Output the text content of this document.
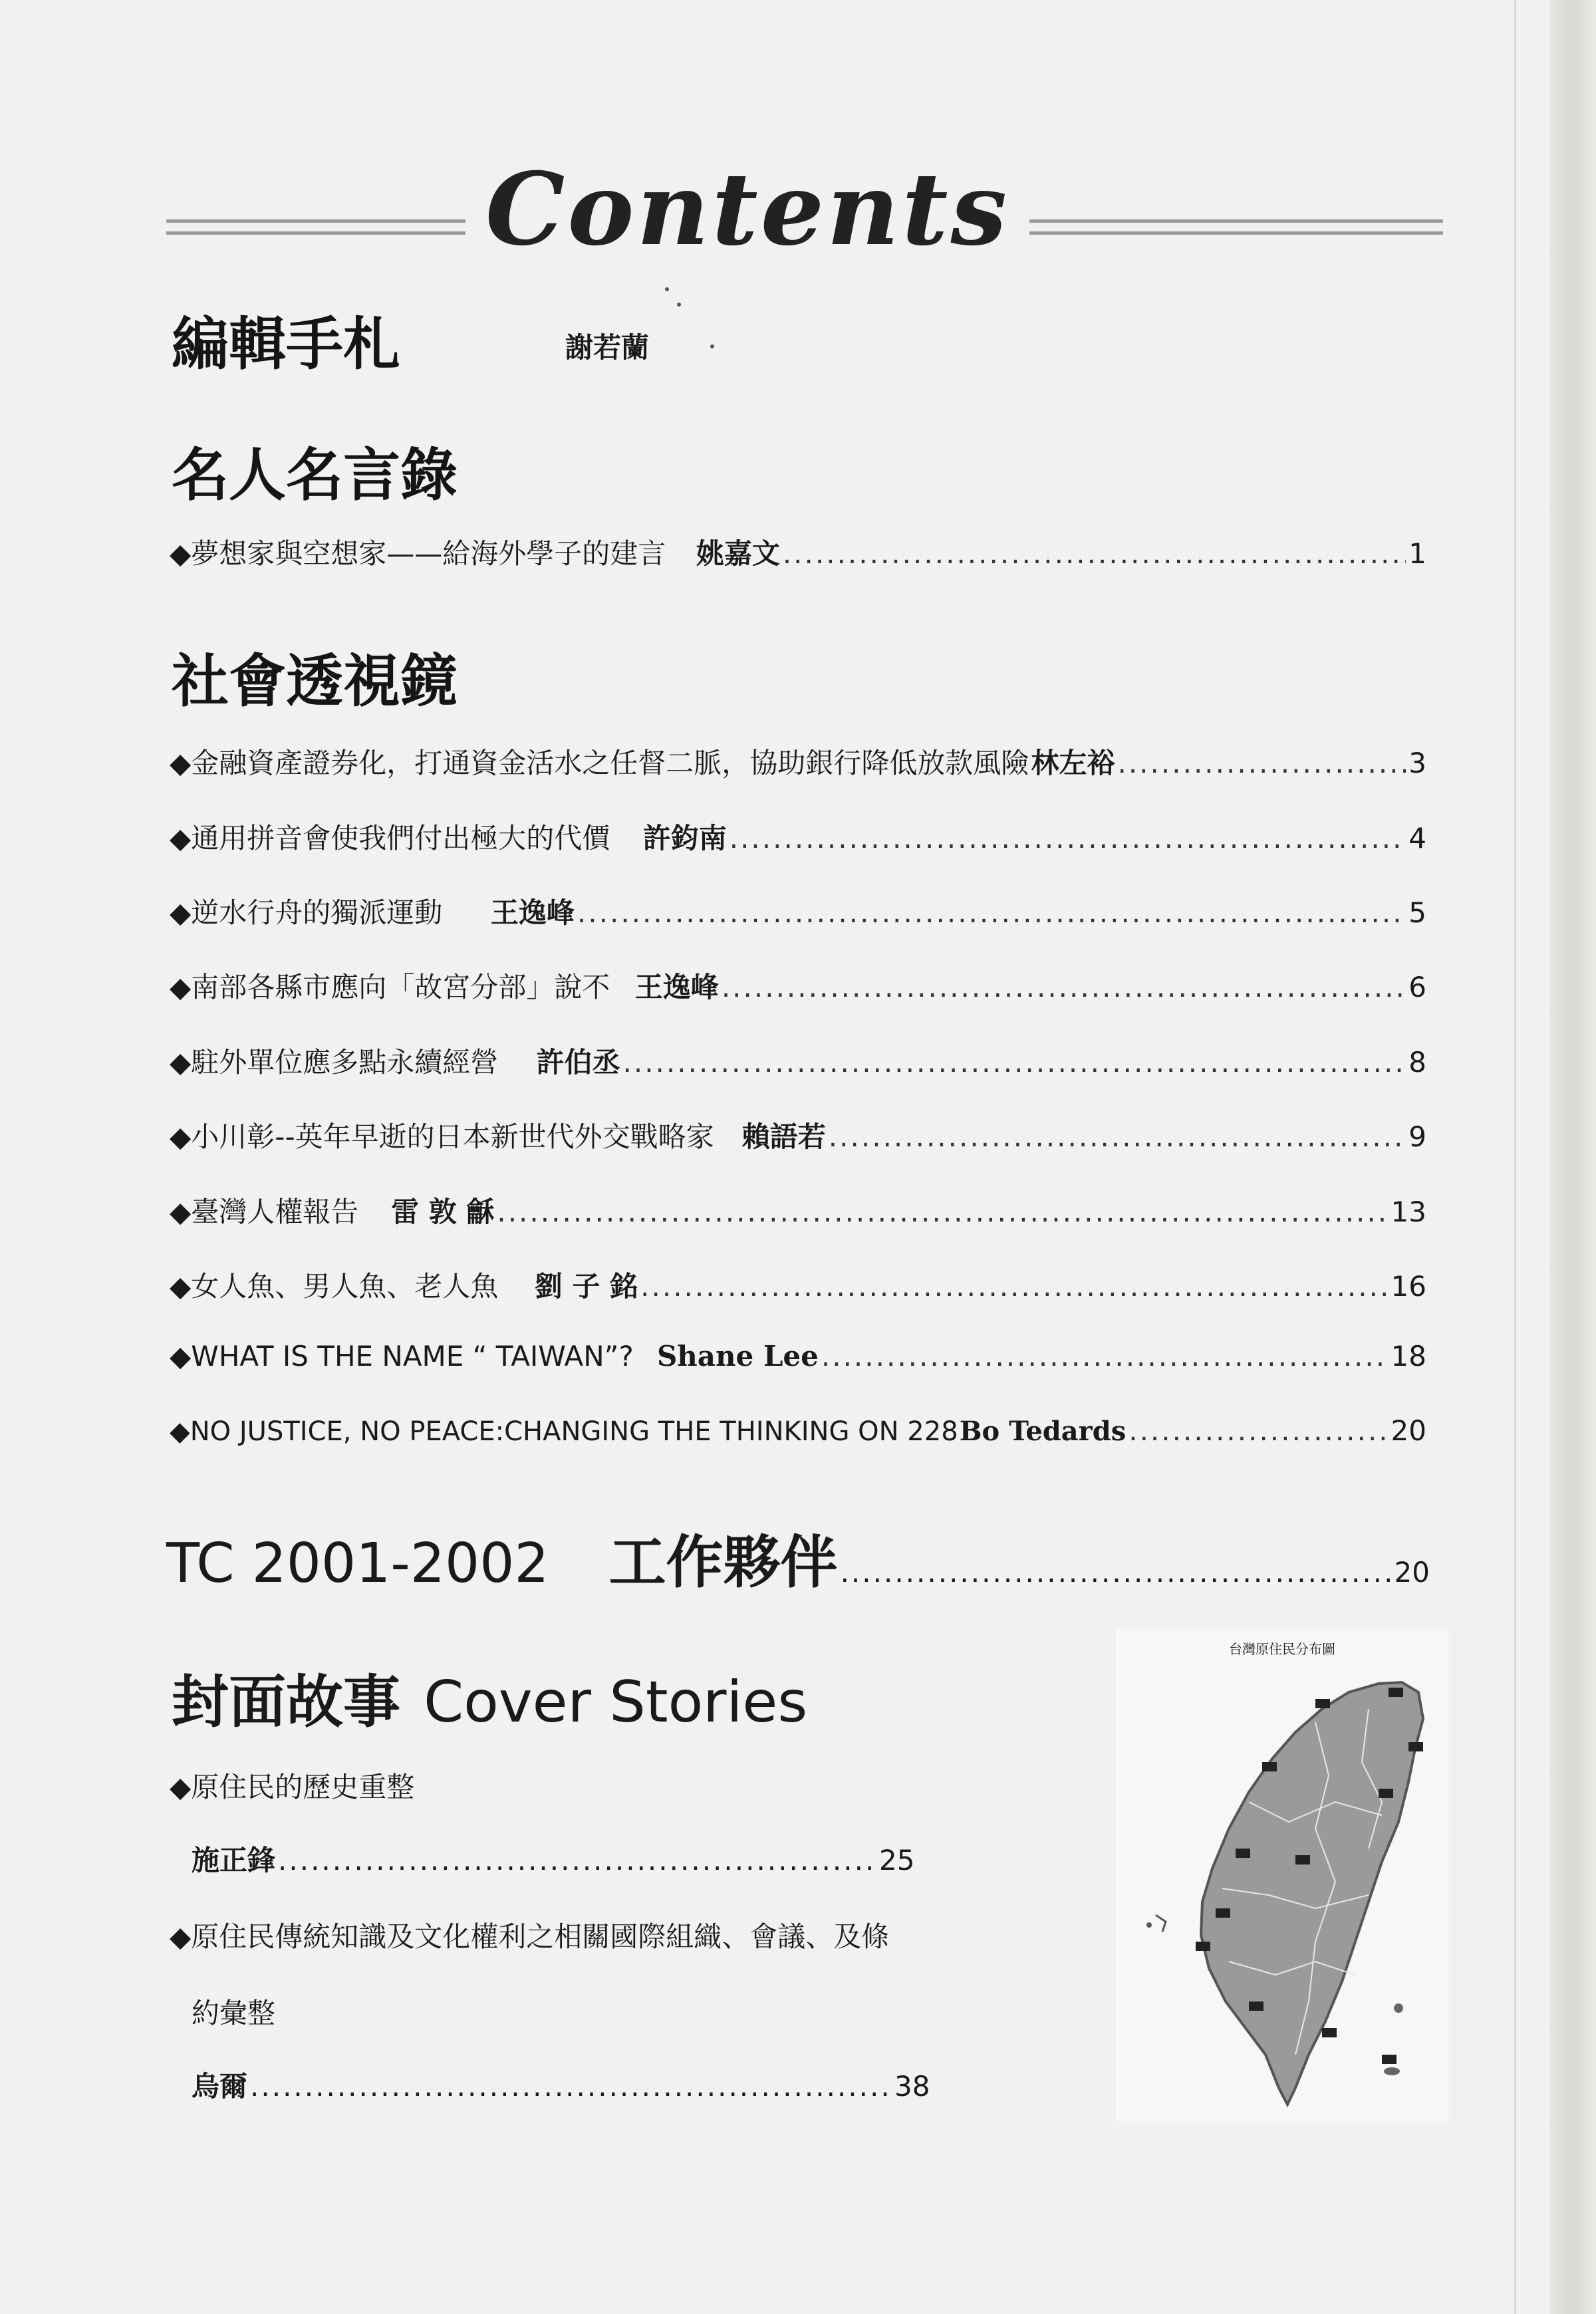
Contents
編輯手札	謝若蘭
名人名言錄
◆夢想家與空想家——給海外學子的建言 姚嘉文 .....	1
社會透視鏡
◆金融資產證券化，打通資金活水之任督二脈，協助銀行降低放款風險 林左裕 .....	3
◆通用拼音會使我們付出極大的代價 許鈞南 .....	4
◆逆水行舟的獨派運動 王逸峰 .....	5
◆南部各縣市應向「故宮分部」說不 王逸峰 .....	6
◆駐外單位應多點永續經營 許伯丞 .....	8
◆小川彰--英年早逝的日本新世代外交戰略家 賴語若 .....	9
◆臺灣人權報告 雷 敦 龢 .....	13
◆女人魚、男人魚、老人魚 劉 子 銘 .....	16
◆WHAT IS THE NAME “ TAIWAN”? Shane Lee .....	18
◆NO JUSTICE, NO PEACE:CHANGING THE THINKING ON 228 Bo Tedards .....	20
TC 2001-2002 工作夥伴 .....	20
封面故事 Cover Stories
◆原住民的歷史重整
施正鋒 .....	25
◆原住民傳統知識及文化權利之相關國際組織、會議、及條
約彙整
烏爾 .....	38
台灣原住民分布圖
